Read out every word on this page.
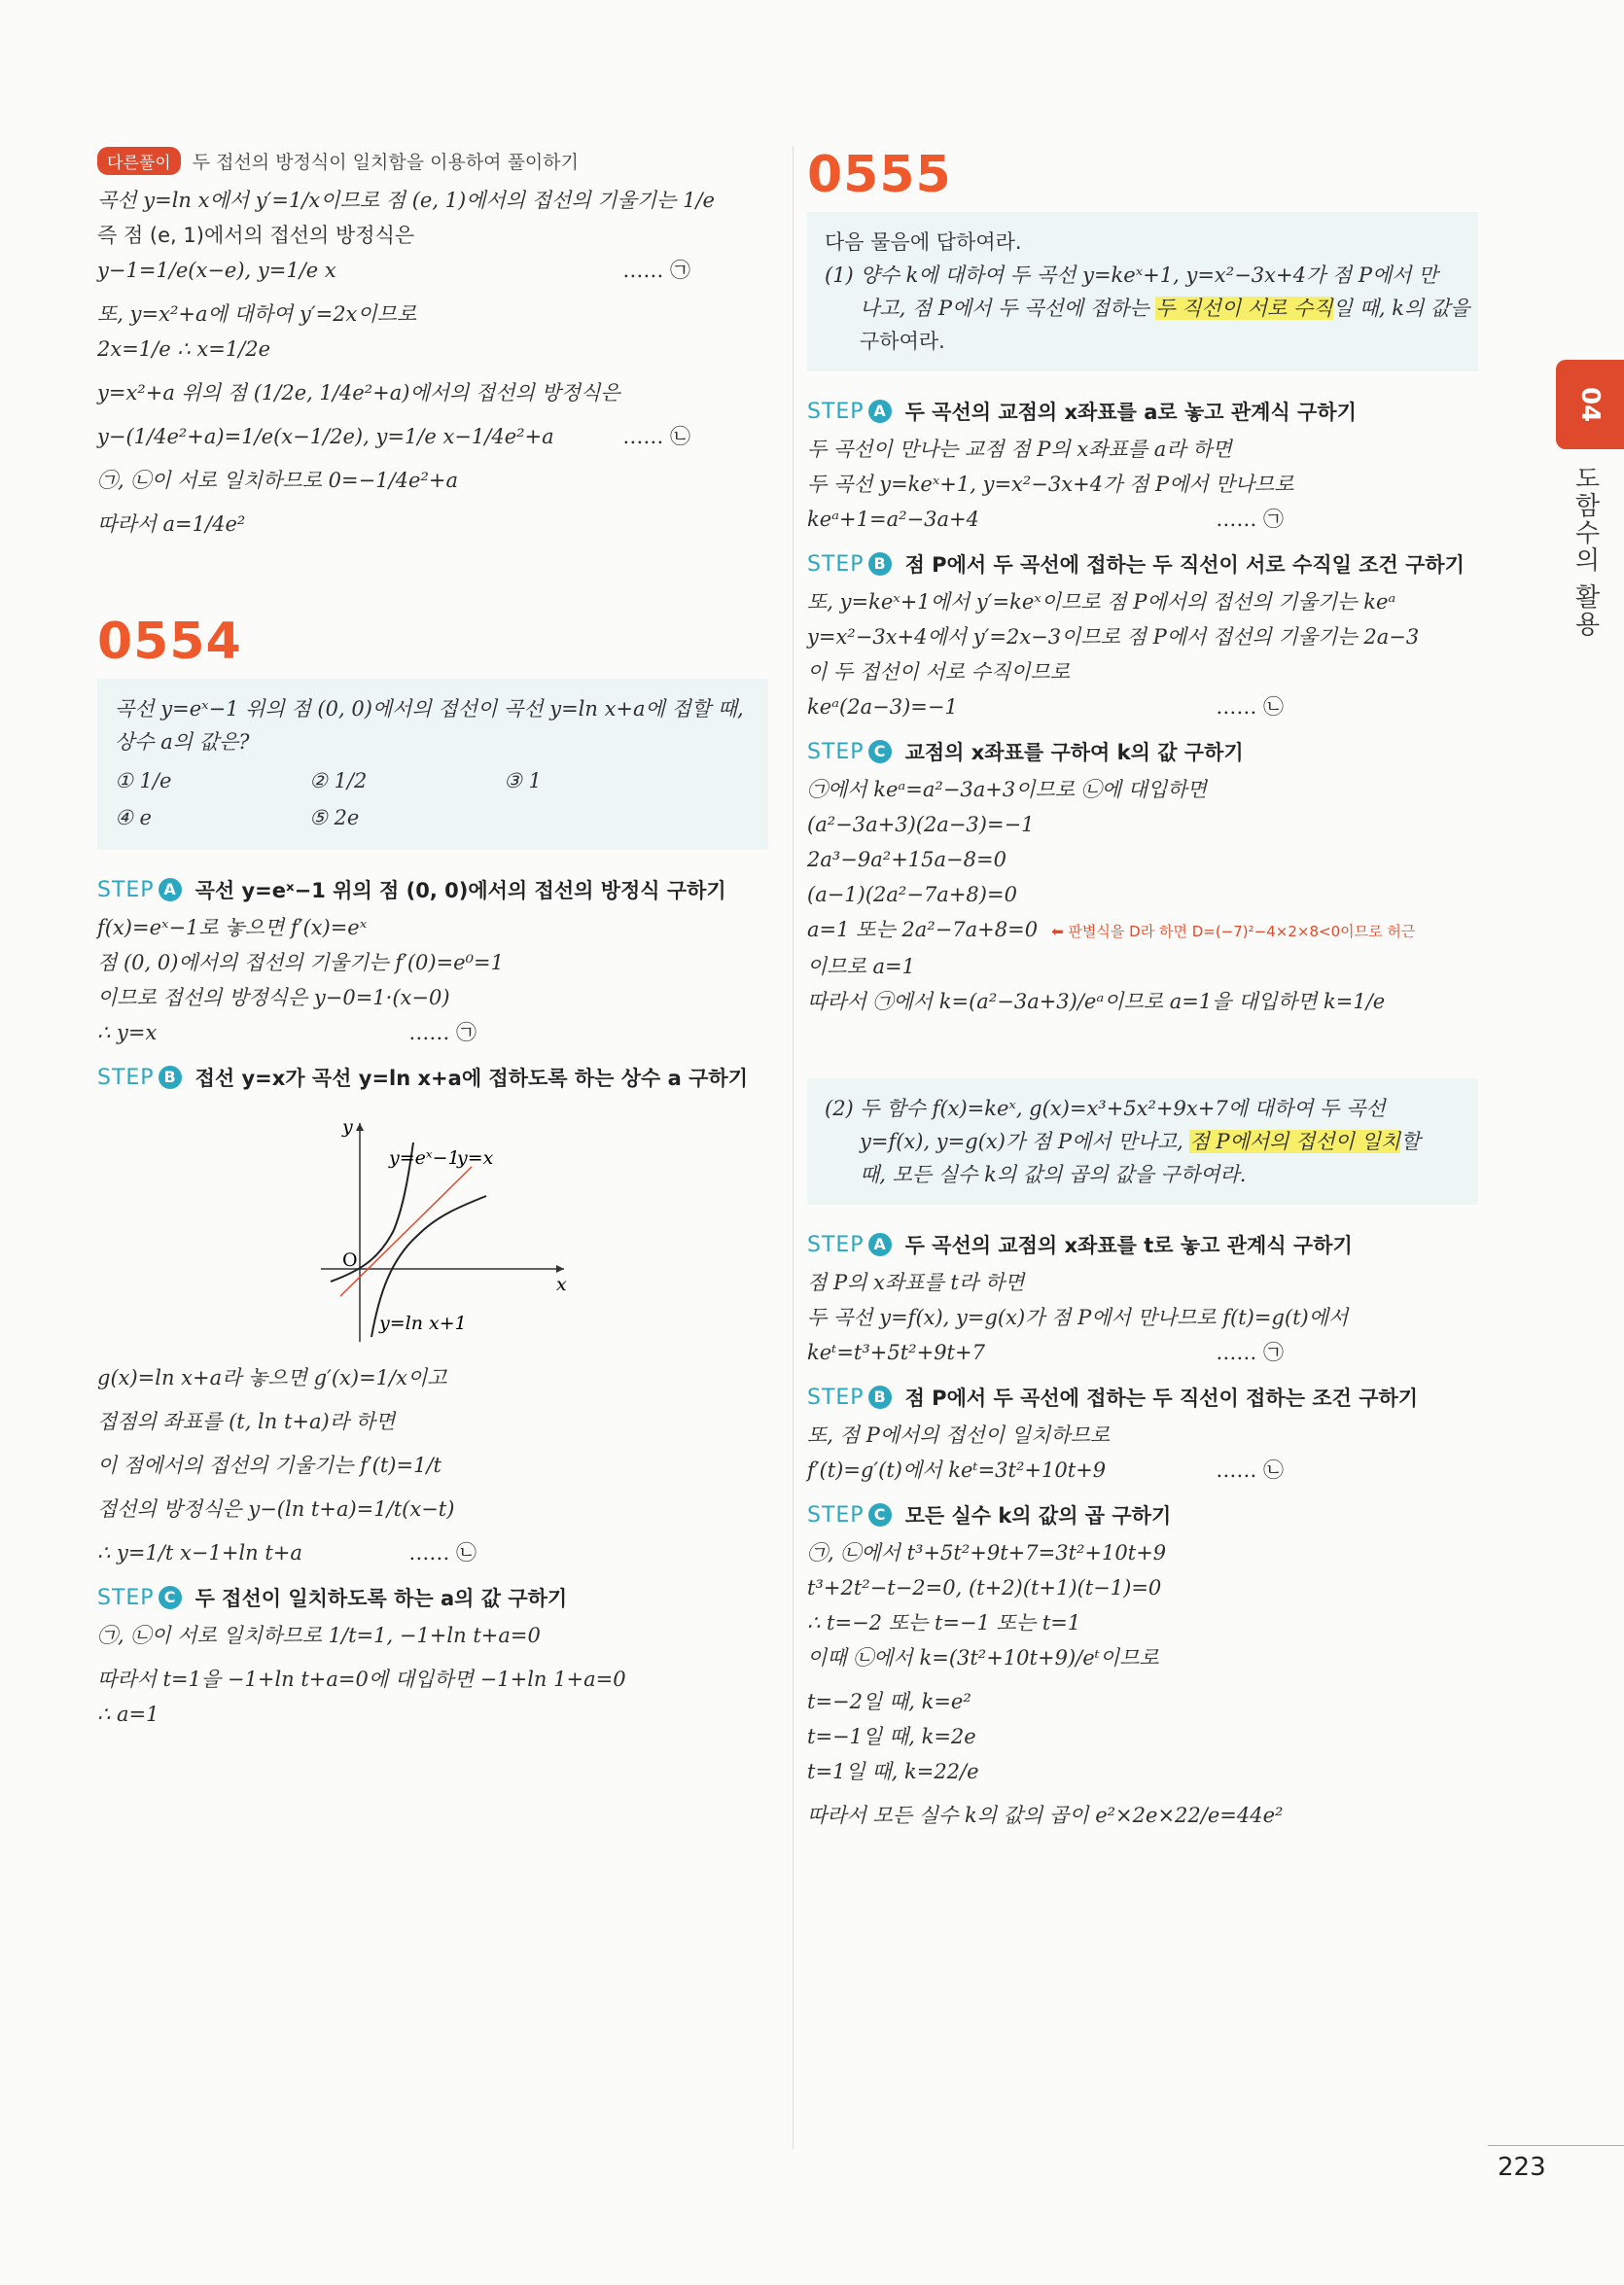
다른풀이	두 접선의 방정식이 일치함을 이용하여 풀이하기
곡선 y=ln x에서 y′=1/x이므로 점 (e, 1)에서의 접선의 기울기는 1/e
즉 점 (e, 1)에서의 접선의 방정식은
y−1=1/e(x−e), y=1/e x	…… ㉠
또, y=x²+a에 대하여 y′=2x이므로
2x=1/e ∴ x=1/2e
y=x²+a 위의 점 (1/2e, 1/4e²+a)에서의 접선의 방정식은
y−(1/4e²+a)=1/e(x−1/2e), y=1/e x−1/4e²+a	…… ㉡
㉠, ㉡이 서로 일치하므로 0=−1/4e²+a
따라서 a=1/4e²
0554
곡선 y=eˣ−1 위의 점 (0, 0)에서의 접선이 곡선 y=ln x+a에 접할 때,
상수 a의 값은?
① 1/e	② 1/2	③ 1
④ e	⑤ 2e
STEP A 곡선 y=eˣ−1 위의 점 (0, 0)에서의 접선의 방정식 구하기
f(x)=eˣ−1로 놓으면 f′(x)=eˣ
점 (0, 0)에서의 접선의 기울기는 f′(0)=e⁰=1
이므로 접선의 방정식은 y−0=1·(x−0)
∴ y=x	…… ㉠
STEP B 접선 y=x가 곡선 y=ln x+a에 접하도록 하는 상수 a 구하기
y=eˣ−1
y=x
y=ln x+1
x
y
O
g(x)=ln x+a라 놓으면 g′(x)=1/x이고
접점의 좌표를 (t, ln t+a)라 하면
이 점에서의 접선의 기울기는 f′(t)=1/t
접선의 방정식은 y−(ln t+a)=1/t(x−t)
∴ y=1/t x−1+ln t+a	…… ㉡
STEP C 두 접선이 일치하도록 하는 a의 값 구하기
㉠, ㉡이 서로 일치하므로 1/t=1, −1+ln t+a=0
따라서 t=1을 −1+ln t+a=0에 대입하면 −1+ln 1+a=0
∴ a=1
0555
다음 물음에 답하여라.
(1) 양수 k에 대하여 두 곡선 y=keˣ+1, y=x²−3x+4가 점 P에서 만
나고, 점 P에서 두 곡선에 접하는 두 직선이 서로 수직일 때, k의 값을
구하여라.
STEP A 두 곡선의 교점의 x좌표를 a로 놓고 관계식 구하기
두 곡선이 만나는 교점 점 P의 x좌표를 a라 하면
두 곡선 y=keˣ+1, y=x²−3x+4가 점 P에서 만나므로
keᵃ+1=a²−3a+4	…… ㉠
STEP B 점 P에서 두 곡선에 접하는 두 직선이 서로 수직일 조건 구하기
또, y=keˣ+1에서 y′=keˣ이므로 점 P에서의 접선의 기울기는 keᵃ
y=x²−3x+4에서 y′=2x−3이므로 점 P에서 접선의 기울기는 2a−3
이 두 접선이 서로 수직이므로
keᵃ(2a−3)=−1	…… ㉡
STEP C 교점의 x좌표를 구하여 k의 값 구하기
㉠에서 keᵃ=a²−3a+3이므로 ㉡에 대입하면
(a²−3a+3)(2a−3)=−1
2a³−9a²+15a−8=0
(a−1)(2a²−7a+8)=0
a=1 또는 2a²−7a+8=0 ⬅ 판별식을 D라 하면 D=(−7)²−4×2×8<0이므로 허근
이므로 a=1
따라서 ㉠에서 k=(a²−3a+3)/eᵃ이므로 a=1을 대입하면 k=1/e
(2) 두 함수 f(x)=keˣ, g(x)=x³+5x²+9x+7에 대하여 두 곡선
y=f(x), y=g(x)가 점 P에서 만나고, 점 P에서의 접선이 일치할
때, 모든 실수 k의 값의 곱의 값을 구하여라.
STEP A 두 곡선의 교점의 x좌표를 t로 놓고 관계식 구하기
점 P의 x좌표를 t라 하면
두 곡선 y=f(x), y=g(x)가 점 P에서 만나므로 f(t)=g(t)에서
keᵗ=t³+5t²+9t+7	…… ㉠
STEP B 점 P에서 두 곡선에 접하는 두 직선이 접하는 조건 구하기
또, 점 P에서의 접선이 일치하므로
f′(t)=g′(t)에서 keᵗ=3t²+10t+9	…… ㉡
STEP C 모든 실수 k의 값의 곱 구하기
㉠, ㉡에서 t³+5t²+9t+7=3t²+10t+9
t³+2t²−t−2=0, (t+2)(t+1)(t−1)=0
∴ t=−2 또는 t=−1 또는 t=1
이때 ㉡에서 k=(3t²+10t+9)/eᵗ이므로
t=−2일 때, k=e²
t=−1일 때, k=2e
t=1일 때, k=22/e
따라서 모든 실수 k의 값의 곱이 e²×2e×22/e=44e²
04
도함수의 활용
223
